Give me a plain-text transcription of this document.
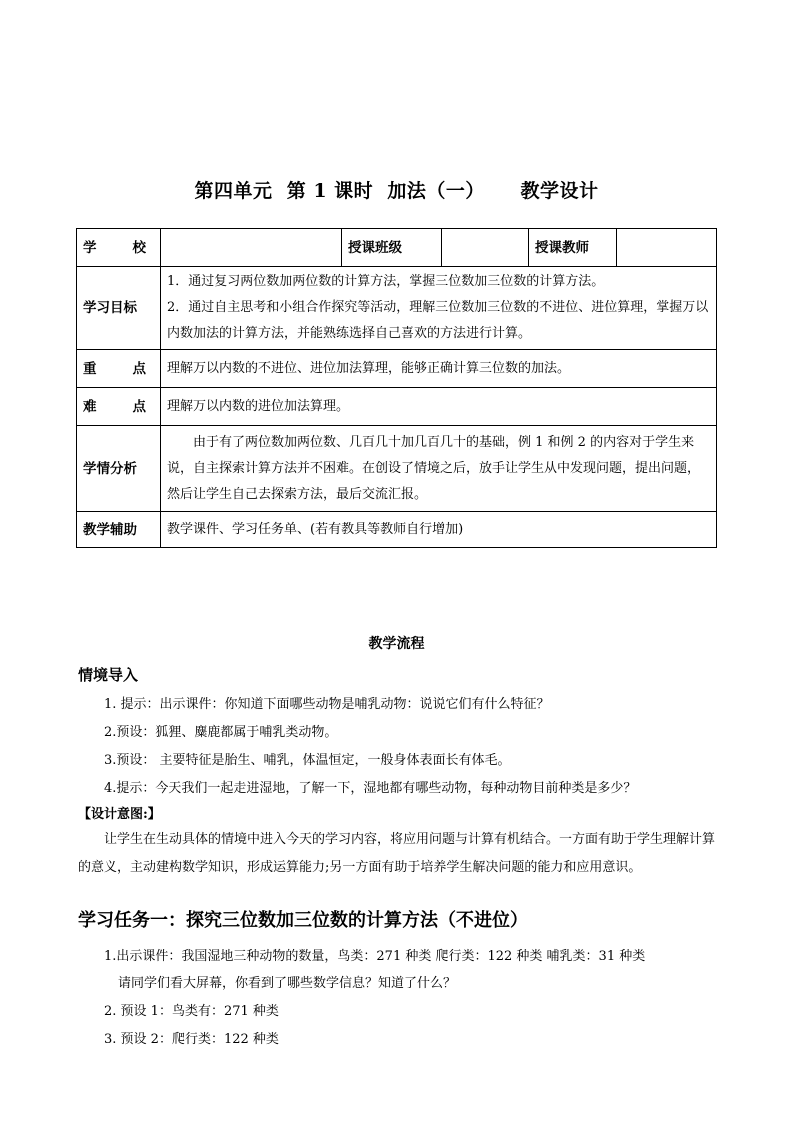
第四单元  第 1 课时  加法（一）     教学设计
学 校		授课班级		授课教师	
学习目标	1．通过复习两位数加两位数的计算方法，掌握三位数加三位数的计算方法。
2．通过自主思考和小组合作探究等活动，理解三位数加三位数的不进位、进位算理，掌握万以内数加法的计算方法，并能熟练选择自己喜欢的方法进行计算。				

重 点	理解万以内数的不进位、进位加法算理，能够正确计算三位数的加法。				

难 点	理解万以内数的进位加法算理。				
学情分析	由于有了两位数加两位数、几百几十加几百几十的基础，例 1 和例 2 的内容对于学生来说，自主探索计算方法并不困难。在创设了情境之后，放手让学生从中发现问题，提出问题，然后让学生自己去探索方法，最后交流汇报。				
教学辅助	教学课件、学习任务单、(若有教具等教师自行增加)				
教学流程
情境导入
1. 提示：出示课件：你知道下面哪些动物是哺乳动物：说说它们有什么特征？
2.预设：狐狸、麋鹿都属于哺乳类动物。
3.预设： 主要特征是胎生、哺乳，体温恒定，一般身体表面长有体毛。
4.提示：今天我们一起走进湿地，了解一下，湿地都有哪些动物，每种动物目前种类是多少？
【设计意图:】
让学生在生动具体的情境中进入今天的学习内容，将应用问题与计算有机结合。一方面有助于学生理解计算的意义，主动建构数学知识，形成运算能力;另一方面有助于培养学生解决问题的能力和应用意识。
学习任务一：探究三位数加三位数的计算方法（不进位）
1.出示课件：我国湿地三种动物的数量，鸟类：271 种类 爬行类：122 种类 哺乳类：31 种类
请同学们看大屏幕，你看到了哪些数学信息？知道了什么？
2. 预设 1：鸟类有：271 种类
3. 预设 2：爬行类：122 种类
